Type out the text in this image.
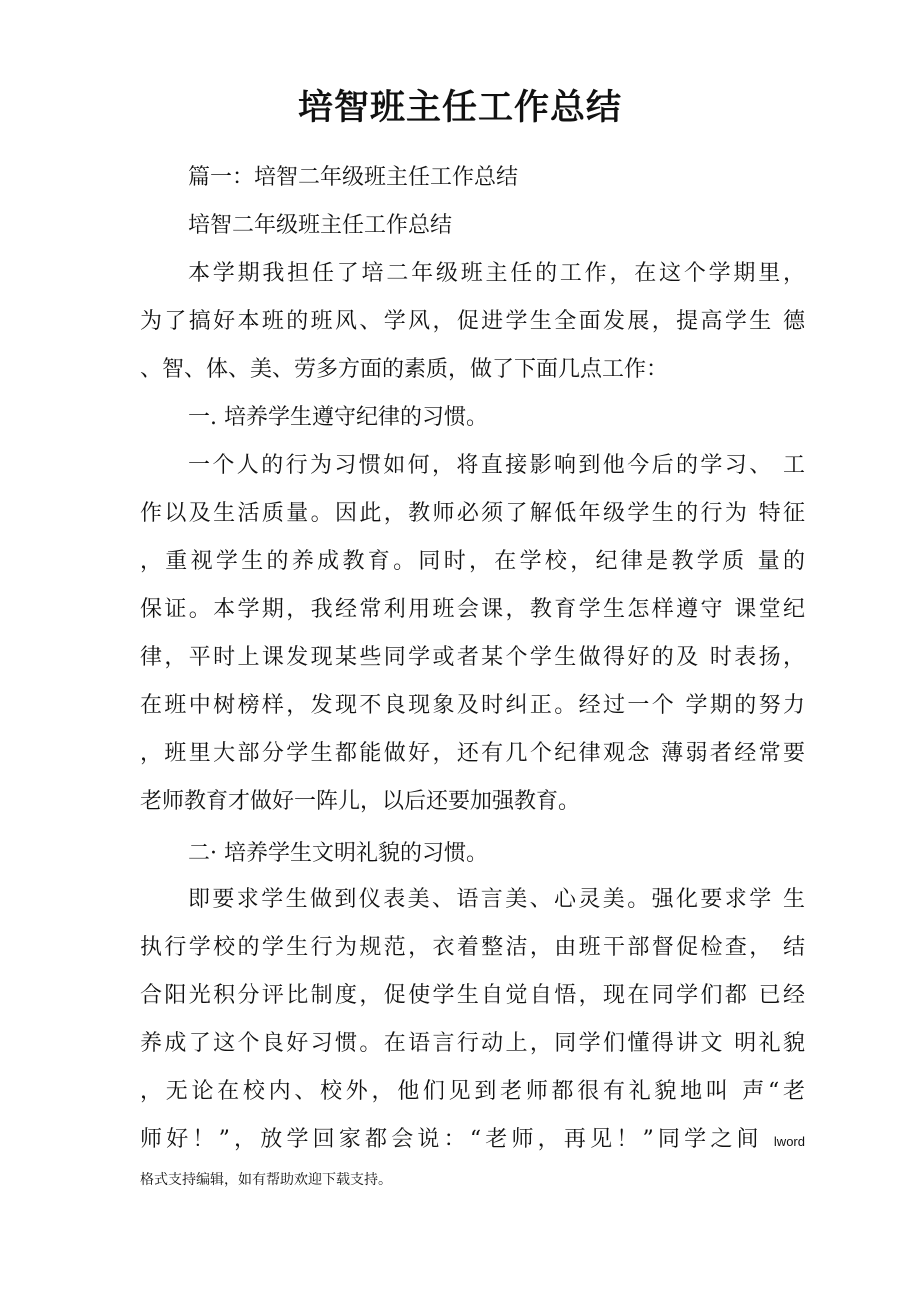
培智班主任工作总结
篇一：培智二年级班主任工作总结
培智二年级班主任工作总结
本学期我担任了培二年级班主任的工作，在这个学期里，
为了搞好本班的班风、学风，促进学生全面发展，提高学生 德
、智、体、美、劳多方面的素质，做了下面几点工作：
一. 培养学生遵守纪律的习惯。
一个人的行为习惯如何，将直接影响到他今后的学习、 工
作以及生活质量。因此，教师必须了解低年级学生的行为 特征
，重视学生的养成教育。同时，在学校，纪律是教学质 量的
保证。本学期，我经常利用班会课，教育学生怎样遵守 课堂纪
律，平时上课发现某些同学或者某个学生做得好的及 时表扬，
在班中树榜样，发现不良现象及时纠正。经过一个 学期的努力
，班里大部分学生都能做好，还有几个纪律观念 薄弱者经常要
老师教育才做好一阵儿，以后还要加强教育。
二· 培养学生文明礼貌的习惯。
即要求学生做到仪表美、语言美、心灵美。强化要求学 生
执行学校的学生行为规范，衣着整洁，由班干部督促检查， 结
合阳光积分评比制度，促使学生自觉自悟，现在同学们都 已经
养成了这个良好习惯。在语言行动上，同学们懂得讲文 明礼貌
，无论在校内、校外，他们见到老师都很有礼貌地叫 声“老
师好！”，放学回家都会说：“老师，再见！”同学之间 lword
格式支持编辑，如有帮助欢迎下载支持。
